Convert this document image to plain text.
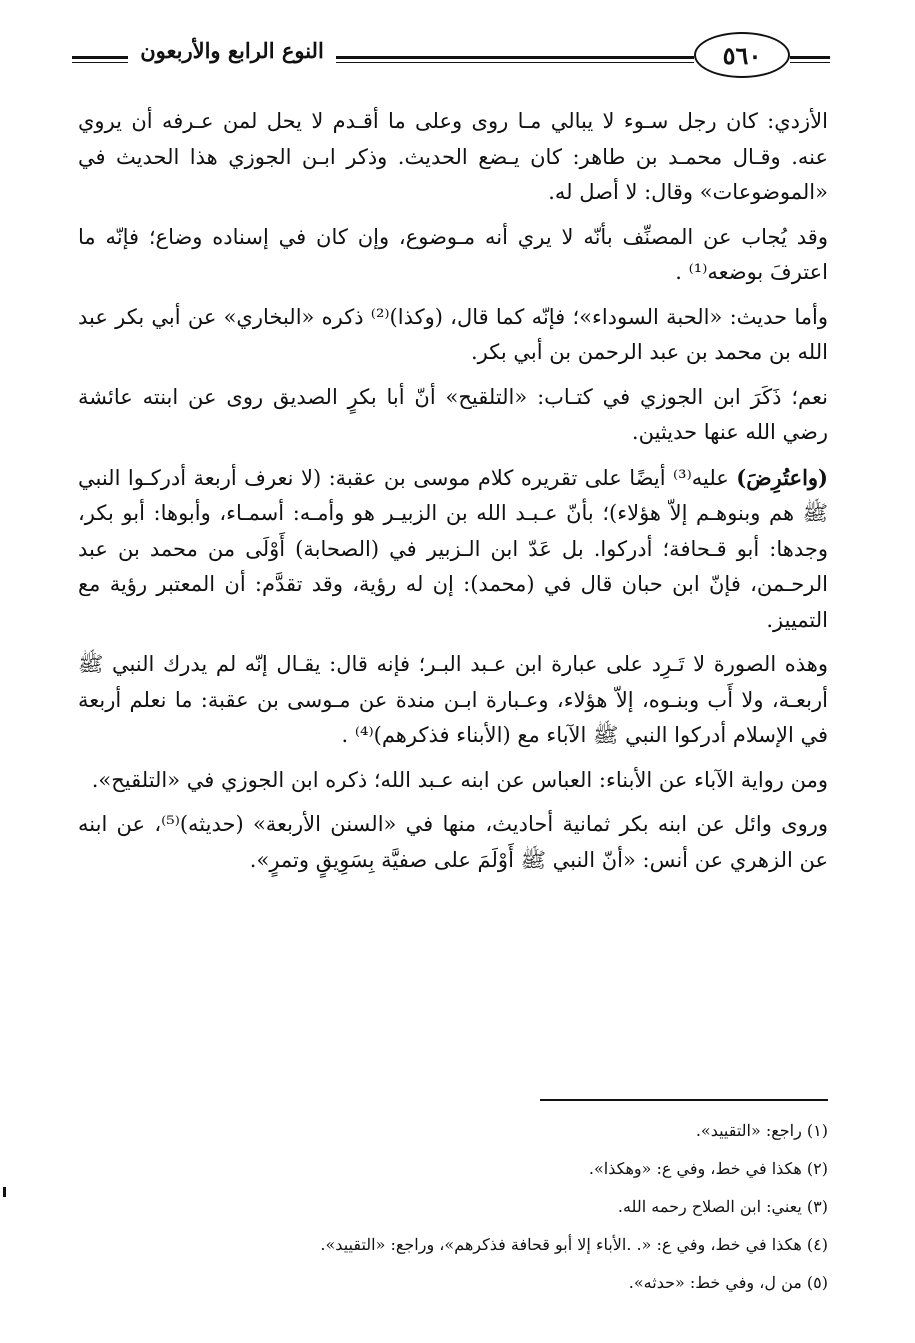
النوع الرابع والأربعون	٥٦٠

الأزدي: كان رجل سـوء لا يبالي مـا روى وعلى ما أقـدم لا يحل لمن عـرفه أن يروي عنه. وقـال محمـد بن طاهر: كان يـضع الحديث. وذكر ابـن الجوزي هذا الحديث في «الموضوعات» وقال: لا أصل له.

وقد يُجاب عن المصنِّف بأنّه لا يري أنه مـوضوع، وإن كان في إسناده وضاع؛ فإنّه ما اعترفَ بوضعه⁽¹⁾ .

وأما حديث: «الحبة السوداء»؛ فإنّه كما قال، (وكذا)⁽²⁾ ذكره «البخاري» عن أبي بكر عبد الله بن محمد بن عبد الرحمن بن أبي بكر.

نعم؛ ذَكَرَ ابن الجوزي في كتـاب: «التلقيح» أنّ أبا بكرٍ الصديق روى عن ابنته عائشة رضي الله عنها حديثين.

(واعتُرِضَ) عليه⁽³⁾ أيضًا على تقريره كلام موسى بن عقبة: (لا نعرف أربعة أدركـوا النبي ﷺ هم وبنوهـم إلاّ هؤلاء)؛ بأنّ عـبـد الله بن الزبيـر هو وأمـه: أسمـاء، وأبوها: أبو بكر، وجدها: أبو قـحافة؛ أدركوا. بل عَدّ ابن الـزبير في (الصحابة) أَوْلَى من محمد بن عبد الرحـمن، فإنّ ابن حبان قال في (محمد): إن له رؤية، وقد تقدَّم: أن المعتبر رؤية مع التمييز.

وهذه الصورة لا تَـرِد على عبارة ابن عـبد البـر؛ فإنه قال: يقـال إنّه لم يدرك النبي ﷺ أربعـة، ولا أَب وبنـوه، إلاّ هؤلاء، وعـبارة ابـن مندة عن مـوسى بن عقبة: ما نعلم أربعة في الإسلام أدركوا النبي ﷺ الآباء مع (الأبناء فذكرهم)⁽⁴⁾ .

ومن رواية الآباء عن الأبناء: العباس عن ابنه عـبد الله؛ ذكره ابن الجوزي في «التلقيح».

وروى وائل عن ابنه بكر ثمانية أحاديث، منها في «السنن الأربعة» (حديثه)⁽⁵⁾، عن ابنه عن الزهري عن أنس: «أنّ النبي ﷺ أَوْلَمَ على صفيَّة بِسَوِيقٍ وتمرٍ».

(١) راجع: «التقييد».

(٢) هكذا في خط، وفي ع: «وهكذا».

(٣) يعني: ابن الصلاح رحمه الله.

(٤) هكذا في خط، وفي ع: «. .الأباء إلا أبو قحافة فذكرهم»، وراجع: «التقييد».

(٥) من ل، وفي خط: «حدثه».
